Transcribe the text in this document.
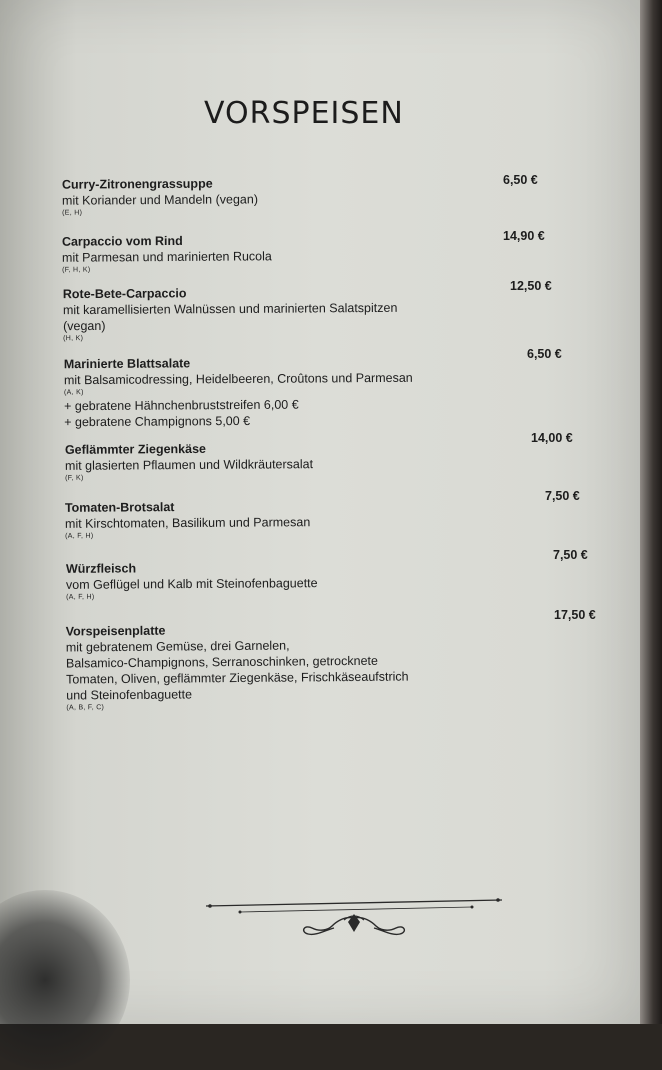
VORSPEISEN
Curry-Zitronengrassuppe
mit Koriander und Mandeln (vegan)
(E, H)
6,50 €
Carpaccio vom Rind
mit Parmesan und marinierten Rucola
(F, H, K)
14,90 €
Rote-Bete-Carpaccio
mit karamellisierten Walnüssen und marinierten Salatspitzen
(vegan)
(H, K)
12,50 €
Marinierte Blattsalate
mit Balsamicodressing, Heidelbeeren, Croûtons und Parmesan
(A, K)
+ gebratene Hähnchenbruststreifen 6,00 €
+ gebratene Champignons 5,00 €
6,50 €
Geflämmter Ziegenkäse
mit glasierten Pflaumen und Wildkräutersalat
(F, K)
14,00 €
Tomaten-Brotsalat
mit Kirschtomaten, Basilikum und Parmesan
(A, F, H)
7,50 €
Würzfleisch
vom Geflügel und Kalb mit Steinofenbaguette
(A, F, H)
7,50 €
Vorspeisenplatte
mit gebratenem Gemüse, drei Garnelen,
Balsamico-Champignons, Serranoschinken, getrocknete
Tomaten, Oliven, geflämmter Ziegenkäse, Frischkäseaufstrich
und Steinofenbaguette
(A, B, F, C)
17,50 €
